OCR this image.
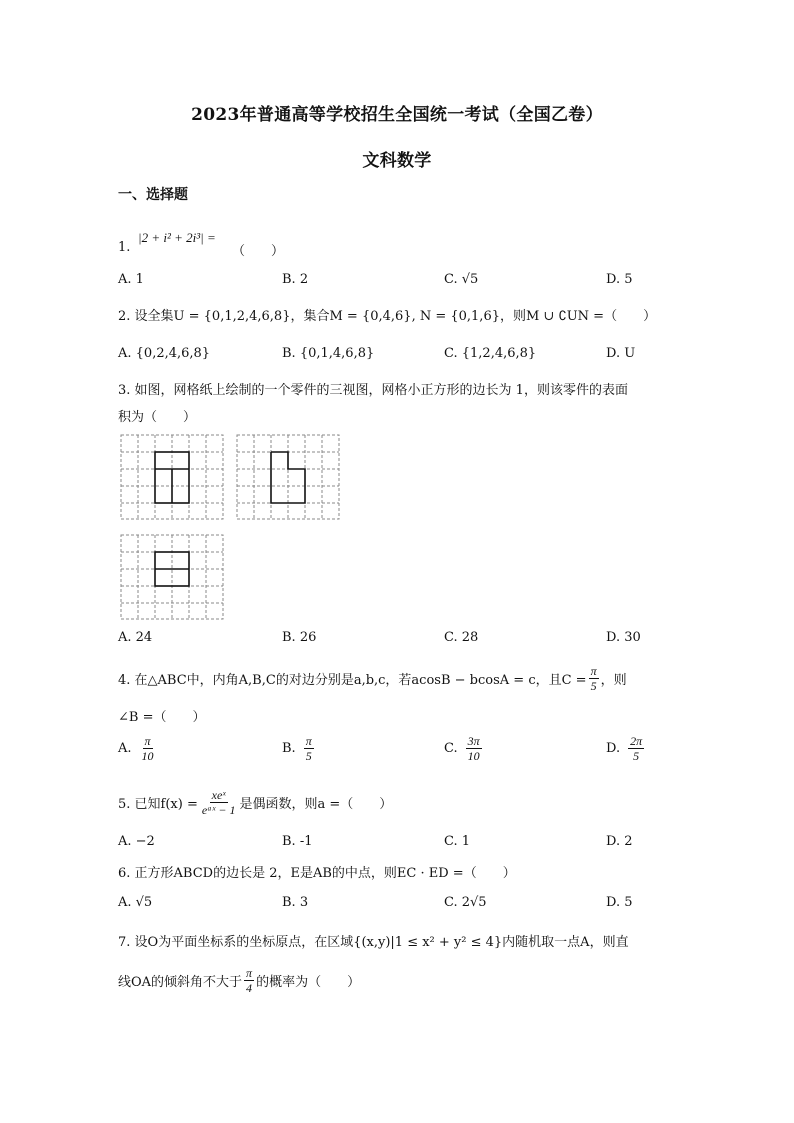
2023年普通高等学校招生全国统一考试（全国乙卷）
文科数学
一、选择题
1.
|2 + i² + 2i³| =
（　　）
A. 1	B. 2	C. √5	D. 5
2. 设全集U = {0,1,2,4,6,8}，集合M = {0,4,6}, N = {0,1,6}，则M ∪ ∁UN =（　　）
A. {0,2,4,6,8}	B. {0,1,4,6,8}	C. {1,2,4,6,8}	D. U
3. 如图，网格纸上绘制的一个零件的三视图，网格小正方形的边长为 1，则该零件的表面
积为（　　）
A. 24	B. 26	C. 28	D. 30
4. 在△ABC中，内角A,B,C的对边分别是a,b,c，若acosB − bcosA = c，且$C = \frac{\pi}{5}$ ，则
∠B =（　　）
A. $\frac{\pi}{10}$	B. $\frac{\pi}{5}$	C. $\frac{3\pi}{10}$	D. $\frac{2\pi}{5}$
5. 已知$f(x) = \frac{\text{xeˣ}}{\text{eᵃˣ − 1}}$ 是偶函数，则a =（　　）
A. −2	B. -1	C. 1	D. 2
6. 正方形ABCD的边长是 2，E是AB的中点，则EC · ED =（　　）
A. √5	B. 3	C. 2√5	D. 5
7. 设O为平面坐标系的坐标原点，在区域{(x,y)|1 ≤ x² + y² ≤ 4}内随机取一点A，则直
线OA的倾斜角不大于 $\frac{\pi}{4}$ 的概率为（　　）
